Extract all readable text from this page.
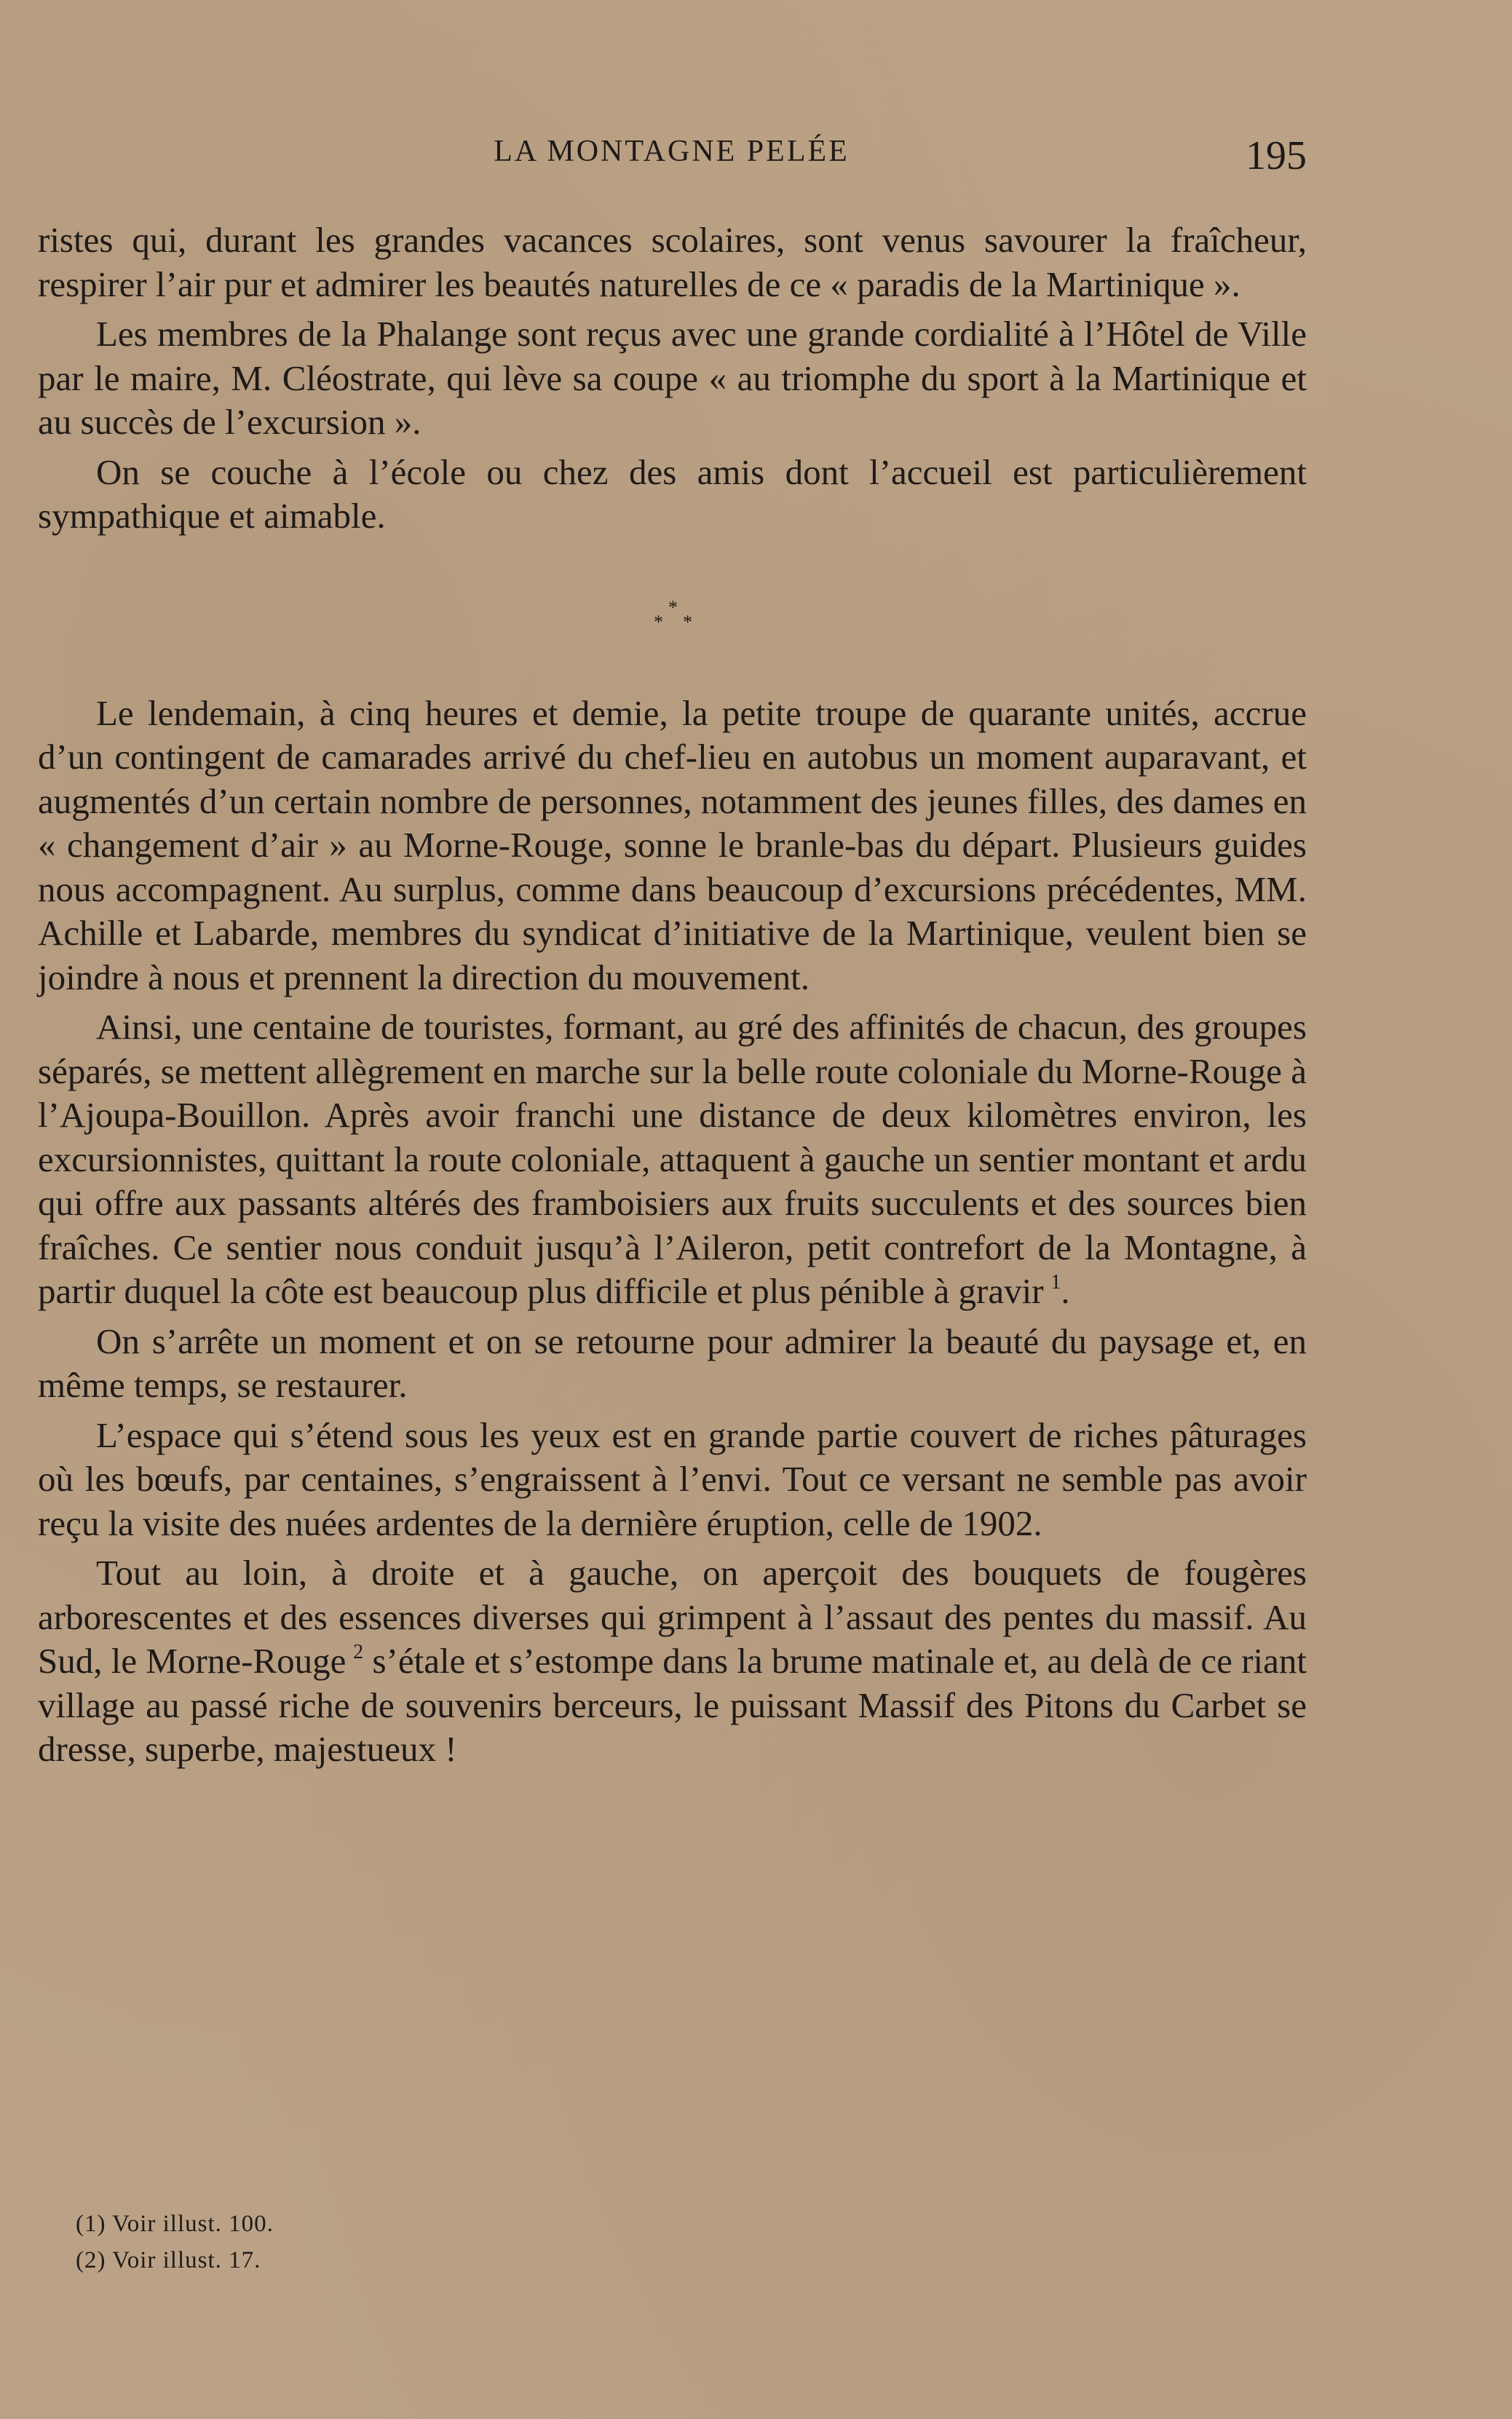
LA MONTAGNE PELÉE	195

ristes qui, durant les grandes vacances scolaires, sont venus savourer la fraîcheur, respirer l’air pur et admirer les beautés naturelles de ce « paradis de la Martinique ».

Les membres de la Phalange sont reçus avec une grande cordialité à l’Hôtel de Ville par le maire, M. Cléostrate, qui lève sa coupe « au triomphe du sport à la Martinique et au succès de l’excursion ».

On se couche à l’école ou chez des amis dont l’accueil est particulièrement sympathique et aimable.

*
* *

Le lendemain, à cinq heures et demie, la petite troupe de quarante unités, accrue d’un contingent de camarades arrivé du chef-lieu en autobus un moment auparavant, et augmentés d’un certain nombre de personnes, notamment des jeunes filles, des dames en « changement d’air » au Morne-Rouge, sonne le branle-bas du départ. Plusieurs guides nous accompagnent. Au surplus, comme dans beaucoup d’excursions précédentes, MM. Achille et Labarde, membres du syndicat d’initiative de la Martinique, veulent bien se joindre à nous et prennent la direction du mouvement.

Ainsi, une centaine de touristes, formant, au gré des affinités de chacun, des groupes séparés, se mettent allègrement en marche sur la belle route coloniale du Morne-Rouge à l’Ajoupa-Bouillon. Après avoir franchi une distance de deux kilomètres environ, les excursionnistes, quittant la route coloniale, attaquent à gauche un sentier montant et ardu qui offre aux passants altérés des framboisiers aux fruits succulents et des sources bien fraîches. Ce sentier nous conduit jusqu’à l’Aileron, petit contrefort de la Montagne, à partir duquel la côte est beaucoup plus difficile et plus pénible à gravir  $^1$.

On s’arrête un moment et on se retourne pour admirer la beauté du paysage et, en même temps, se restaurer.

L’espace qui s’étend sous les yeux est en grande partie couvert de riches pâturages où les bœufs, par centaines, s’engraissent à l’envi. Tout ce versant ne semble pas avoir reçu la visite des nuées ardentes de la dernière éruption, celle de 1902.

Tout au loin, à droite et à gauche, on aperçoit des bouquets de fougères arborescentes et des essences diverses qui grimpent à l’assaut des pentes du massif. Au Sud, le Morne-Rouge  $^2$ s’étale et s’estompe dans la brume matinale et, au delà de ce riant village au passé riche de souvenirs berceurs, le puissant Massif des Pitons du Carbet se dresse, superbe, majestueux !

(1) Voir illust. 100.
(2) Voir illust. 17.
